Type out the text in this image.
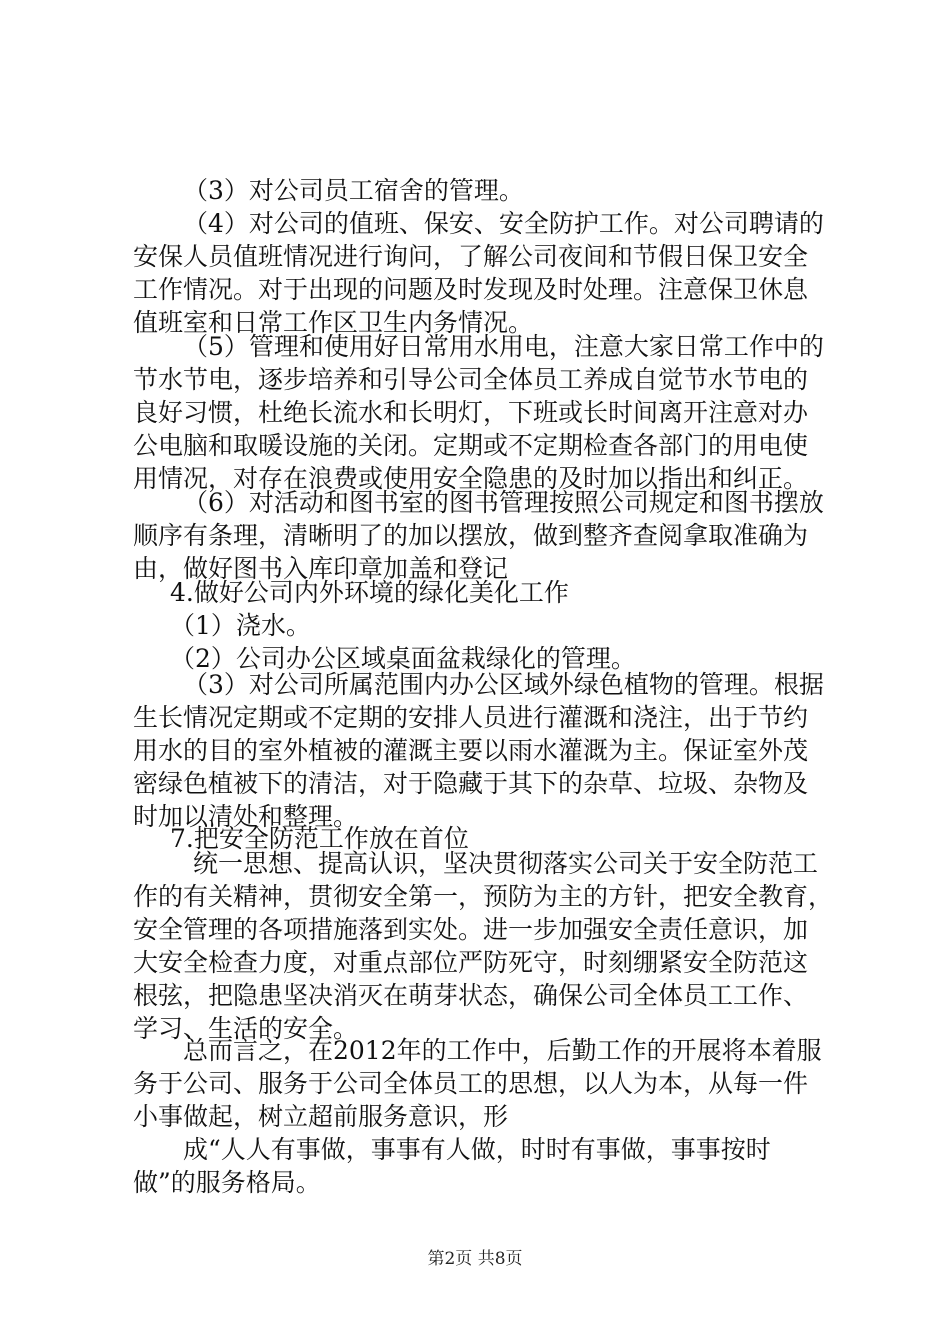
（3）对公司员工宿舍的管理。
（4）对公司的值班、保安、安全防护工作。对公司聘请的
安保人员值班情况进行询问，了解公司夜间和节假日保卫安全
工作情况。对于出现的问题及时发现及时处理。注意保卫休息
值班室和日常工作区卫生内务情况。
（5）管理和使用好日常用水用电，注意大家日常工作中的
节水节电，逐步培养和引导公司全体员工养成自觉节水节电的
良好习惯，杜绝长流水和长明灯，下班或长时间离开注意对办
公电脑和取暖设施的关闭。定期或不定期检查各部门的用电使
用情况，对存在浪费或使用安全隐患的及时加以指出和纠正。
（6）对活动和图书室的图书管理按照公司规定和图书摆放
顺序有条理，清晰明了的加以摆放，做到整齐查阅拿取准确为
由，做好图书入库印章加盖和登记
4.做好公司内外环境的绿化美化工作
（1）浇水。
（2）公司办公区域桌面盆栽绿化的管理。
（3）对公司所属范围内办公区域外绿色植物的管理。根据
生长情况定期或不定期的安排人员进行灌溉和浇注，出于节约
用水的目的室外植被的灌溉主要以雨水灌溉为主。保证室外茂
密绿色植被下的清洁，对于隐藏于其下的杂草、垃圾、杂物及
时加以清处和整理。
7.把安全防范工作放在首位
统一思想、提高认识，坚决贯彻落实公司关于安全防范工
作的有关精神，贯彻安全第一，预防为主的方针，把安全教育，
安全管理的各项措施落到实处。进一步加强安全责任意识，加
大安全检查力度，对重点部位严防死守，时刻绷紧安全防范这
根弦，把隐患坚决消灭在萌芽状态，确保公司全体员工工作、
学习、生活的安全。
总而言之，在2012年的工作中，后勤工作的开展将本着服
务于公司、服务于公司全体员工的思想，以人为本，从每一件
小事做起，树立超前服务意识，形
成“人人有事做，事事有人做，时时有事做，事事按时
做”的服务格局。
第2页 共8页
